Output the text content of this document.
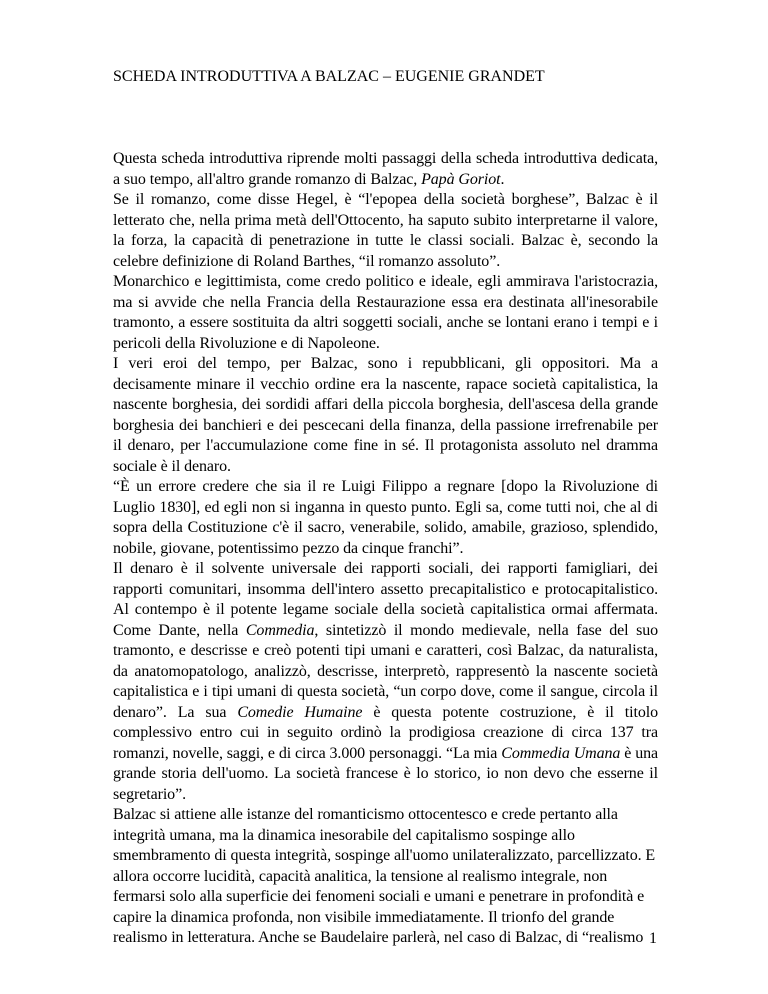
SCHEDA INTRODUTTIVA A BALZAC – EUGENIE GRANDET

Questa scheda introduttiva riprende molti passaggi della scheda introduttiva dedicata, a suo tempo, all'altro grande romanzo di Balzac, Papà Goriot.

Se il romanzo, come disse Hegel, è “l'epopea della società borghese”, Balzac è il letterato che, nella prima metà dell'Ottocento, ha saputo subito interpretarne il valore, la forza, la capacità di penetrazione in tutte le classi sociali. Balzac è, secondo la celebre definizione di Roland Barthes, “il romanzo assoluto”.

Monarchico e legittimista, come credo politico e ideale, egli ammirava l'aristocrazia, ma si avvide che nella Francia della Restaurazione essa era destinata all'inesorabile tramonto, a essere sostituita da altri soggetti sociali, anche se lontani erano i tempi e i pericoli della Rivoluzione e di Napoleone.

I veri eroi del tempo, per Balzac, sono i repubblicani, gli oppositori. Ma a decisamente minare il vecchio ordine era la nascente, rapace società capitalistica, la nascente borghesia, dei sordidi affari della piccola borghesia, dell'ascesa della grande borghesia dei banchieri e dei pescecani della finanza, della passione irrefrenabile per il denaro, per l'accumulazione come fine in sé. Il protagonista assoluto nel dramma sociale è il denaro.

“È un errore credere che sia il re Luigi Filippo a regnare [dopo la Rivoluzione di Luglio 1830], ed egli non si inganna in questo punto. Egli sa, come tutti noi, che al di sopra della Costituzione c'è il sacro, venerabile, solido, amabile, grazioso, splendido, nobile, giovane, potentissimo pezzo da cinque franchi”.

Il denaro è il solvente universale dei rapporti sociali, dei rapporti famigliari, dei rapporti comunitari, insomma dell'intero assetto precapitalistico e protocapitalistico. Al contempo è il potente legame sociale della società capitalistica ormai affermata. Come Dante, nella Commedia, sintetizzò il mondo medievale, nella fase del suo tramonto, e descrisse e creò potenti tipi umani e caratteri, così Balzac, da naturalista, da anatomopatologo, analizzò, descrisse, interpretò, rappresentò la nascente società capitalistica e i tipi umani di questa società, “un corpo dove, come il sangue, circola il denaro”. La sua Comedie Humaine è questa potente costruzione, è il titolo complessivo entro cui in seguito ordinò la prodigiosa creazione di circa 137 tra romanzi, novelle, saggi, e di circa 3.000 personaggi. “La mia Commedia Umana è una grande storia dell'uomo. La società francese è lo storico, io non devo che esserne il segretario”.

Balzac si attiene alle istanze del romanticismo ottocentesco e crede pertanto alla integrità umana, ma la dinamica inesorabile del capitalismo sospinge allo smembramento di questa integrità, sospinge all'uomo unilateralizzato, parcellizzato. E allora occorre lucidità, capacità analitica, la tensione al realismo integrale, non fermarsi solo alla superficie dei fenomeni sociali e umani e penetrare in profondità e capire la dinamica profonda, non visibile immediatamente. Il trionfo del grande realismo in letteratura. Anche se Baudelaire parlerà, nel caso di Balzac, di “realismo 1
